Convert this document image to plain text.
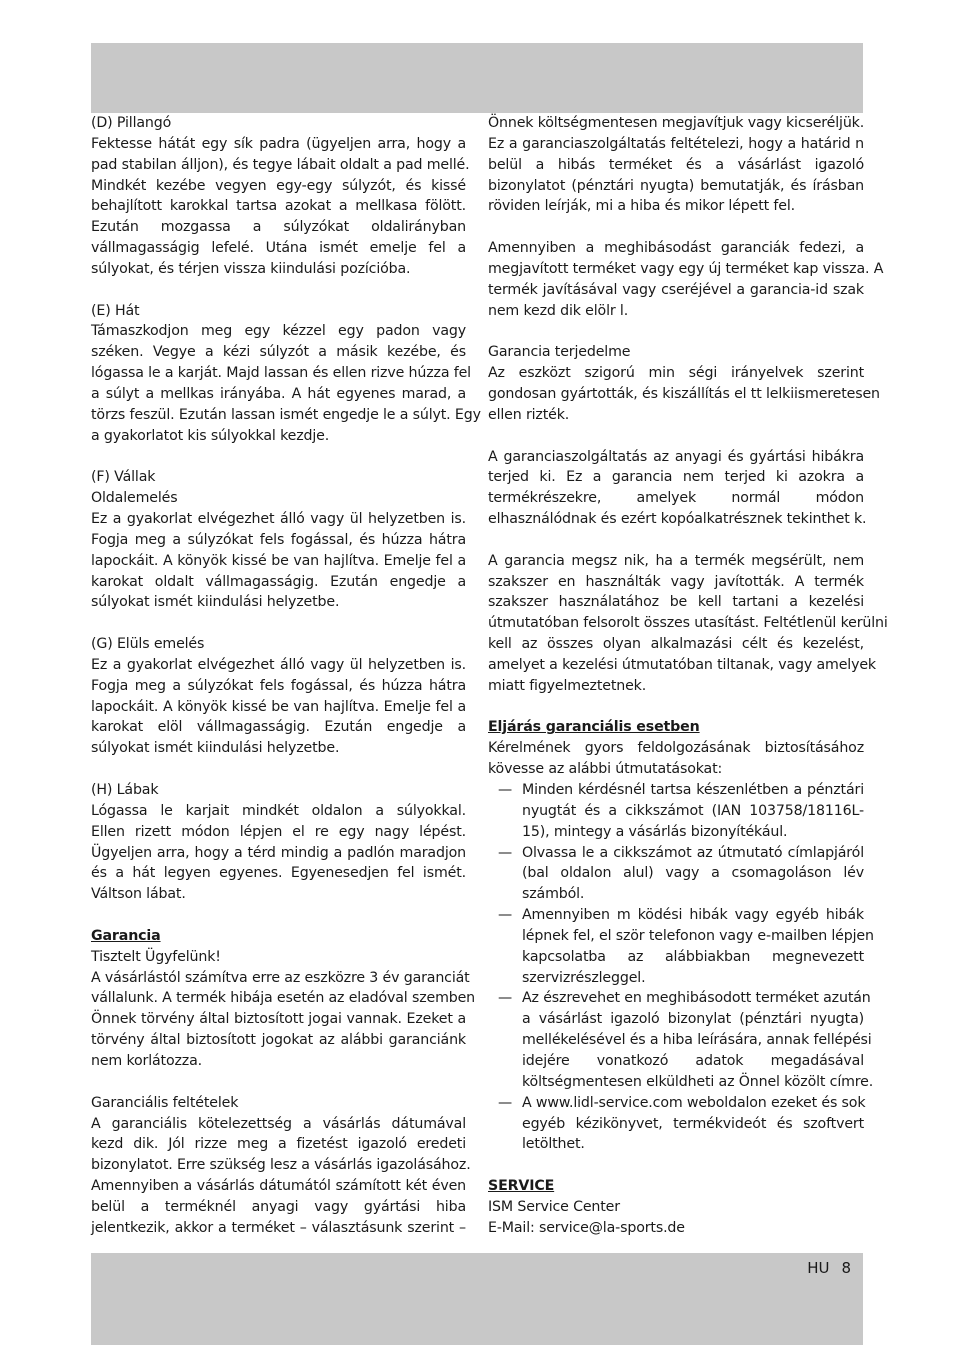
(D) Pillangó
Fektesse hátát egy sík padra (ügyeljen arra, hogy a
pad stabilan álljon), és tegye lábait oldalt a pad mellé.
Mindkét kezébe vegyen egy-egy súlyzót, és kissé
behajlított karokkal tartsa azokat a mellkasa fölött.
Ezután mozgassa a súlyzókat oldalirányban
vállmagasságig lefelé. Utána ismét emelje fel a
súlyokat, és térjen vissza kiindulási pozícióba.
(E) Hát
Támaszkodjon meg egy kézzel egy padon vagy
széken. Vegye a kézi súlyzót a másik kezébe, és
lógassa le a karját. Majd lassan és ellen rizve húzza fel
a súlyt a mellkas irányába. A hát egyenes marad, a
törzs feszül. Ezután lassan ismét engedje le a súlyt. Egy
a gyakorlatot kis súlyokkal kezdje.
(F) Vállak
Oldalemelés
Ez a gyakorlat elvégezhet álló vagy ül helyzetben is.
Fogja meg a súlyzókat fels fogással, és húzza hátra
lapockáit. A könyök kissé be van hajlítva. Emelje fel a
karokat oldalt vállmagasságig. Ezután engedje a
súlyokat ismét kiindulási helyzetbe.
(G) Elüls emelés
Ez a gyakorlat elvégezhet álló vagy ül helyzetben is.
Fogja meg a súlyzókat fels fogással, és húzza hátra
lapockáit. A könyök kissé be van hajlítva. Emelje fel a
karokat elöl vállmagasságig. Ezután engedje a
súlyokat ismét kiindulási helyzetbe.
(H) Lábak
Lógassa le karjait mindkét oldalon a súlyokkal.
Ellen rizett módon lépjen el re egy nagy lépést.
Ügyeljen arra, hogy a térd mindig a padlón maradjon
és a hát legyen egyenes. Egyenesedjen fel ismét.
Váltson lábat.
Garancia
Tisztelt Ügyfelünk!
A vásárlástól számítva erre az eszközre 3 év garanciát
vállalunk. A termék hibája esetén az eladóval szemben
Önnek törvény által biztosított jogai vannak. Ezeket a
törvény által biztosított jogokat az alábbi garanciánk
nem korlátozza.
Garanciális feltételek
A garanciális kötelezettség a vásárlás dátumával
kezd dik. Jól rizze meg a fizetést igazoló eredeti
bizonylatot. Erre szükség lesz a vásárlás igazolásához.
Amennyiben a vásárlás dátumától számított két éven
belül a terméknél anyagi vagy gyártási hiba
jelentkezik, akkor a terméket – választásunk szerint –
Önnek költségmentesen megjavítjuk vagy kicseréljük.
Ez a garanciaszolgáltatás feltételezi, hogy a határid n
belül a hibás terméket és a vásárlást igazoló
bizonylatot (pénztári nyugta) bemutatják, és írásban
röviden leírják, mi a hiba és mikor lépett fel.
Amennyiben a meghibásodást garanciák fedezi, a
megjavított terméket vagy egy új terméket kap vissza. A
termék javításával vagy cseréjével a garancia-id szak
nem kezd dik elölr l.
Garancia terjedelme
Az eszközt szigorú min ségi irányelvek szerint
gondosan gyártották, és kiszállítás el tt lelkiismeretesen
ellen rizték.
A garanciaszolgáltatás az anyagi és gyártási hibákra
terjed ki. Ez a garancia nem terjed ki azokra a
termékrészekre, amelyek normál módon
elhasználódnak és ezért kopóalkatrésznek tekinthet k.
A garancia megsz nik, ha a termék megsérült, nem
szakszer en használták vagy javították. A termék
szakszer használatához be kell tartani a kezelési
útmutatóban felsorolt összes utasítást. Feltétlenül kerülni
kell az összes olyan alkalmazási célt és kezelést,
amelyet a kezelési útmutatóban tiltanak, vagy amelyek
miatt figyelmeztetnek.
Eljárás garanciális esetben
Kérelmének gyors feldolgozásának biztosításához
kövesse az alábbi útmutatásokat:
— Minden kérdésnél tartsa készenlétben a pénztári
nyugtát és a cikkszámot (IAN 103758/18116L-
15), mintegy a vásárlás bizonyítékául.
— Olvassa le a cikkszámot az útmutató címlapjáról
(bal oldalon alul) vagy a csomagoláson lév
számból.
— Amennyiben m ködési hibák vagy egyéb hibák
lépnek fel, el ször telefonon vagy e-mailben lépjen
kapcsolatba az alábbiakban megnevezett
szervizrészleggel.
— Az észrevehet en meghibásodott terméket azután
a vásárlást igazoló bizonylat (pénztári nyugta)
mellékelésével és a hiba leírására, annak fellépési
idejére vonatkozó adatok megadásával
költségmentesen elküldheti az Önnel közölt címre.
— A www.lidl-service.com weboldalon ezeket és sok
egyéb kézikönyvet, termékvideót és szoftvert
letölthet.
SERVICE
ISM Service Center
E-Mail: service@la-sports.de
HU 8
